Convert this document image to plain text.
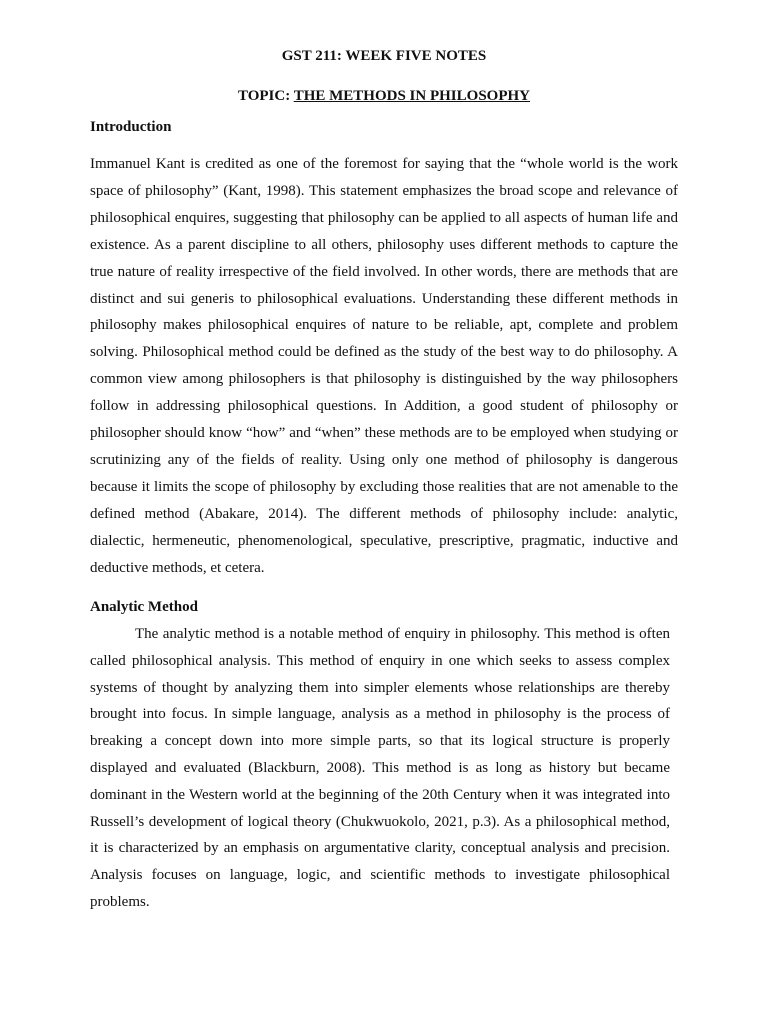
GST 211: WEEK FIVE NOTES
TOPIC: THE METHODS IN PHILOSOPHY
Introduction

Immanuel Kant is credited as one of the foremost for saying that the “whole world is the work space of philosophy” (Kant, 1998). This statement emphasizes the broad scope and relevance of philosophical enquires, suggesting that philosophy can be applied to all aspects of human life and existence. As a parent discipline to all others, philosophy uses different methods to capture the true nature of reality irrespective of the field involved. In other words, there are methods that are distinct and sui generis to philosophical evaluations. Understanding these different methods in philosophy makes philosophical enquires of nature to be reliable, apt, complete and problem solving. Philosophical method could be defined as the study of the best way to do philosophy. A common view among philosophers is that philosophy is distinguished by the way philosophers follow in addressing philosophical questions. In Addition, a good student of philosophy or philosopher should know “how” and “when” these methods are to be employed when studying or scrutinizing any of the fields of reality. Using only one method of philosophy is dangerous because it limits the scope of philosophy by excluding those realities that are not amenable to the defined method (Abakare, 2014). The different methods of philosophy include: analytic, dialectic, hermeneutic, phenomenological, speculative, prescriptive, pragmatic, inductive and deductive methods, et cetera.

Analytic Method

The analytic method is a notable method of enquiry in philosophy. This method is often called philosophical analysis. This method of enquiry in one which seeks to assess complex systems of thought by analyzing them into simpler elements whose relationships are thereby brought into focus. In simple language, analysis as a method in philosophy is the process of breaking a concept down into more simple parts, so that its logical structure is properly displayed and evaluated (Blackburn, 2008). This method is as long as history but became dominant in the Western world at the beginning of the 20th Century when it was integrated into Russell’s development of logical theory (Chukwuokolo, 2021, p.3). As a philosophical method, it is characterized by an emphasis on argumentative clarity, conceptual analysis and precision. Analysis focuses on language, logic, and scientific methods to investigate philosophical problems.
